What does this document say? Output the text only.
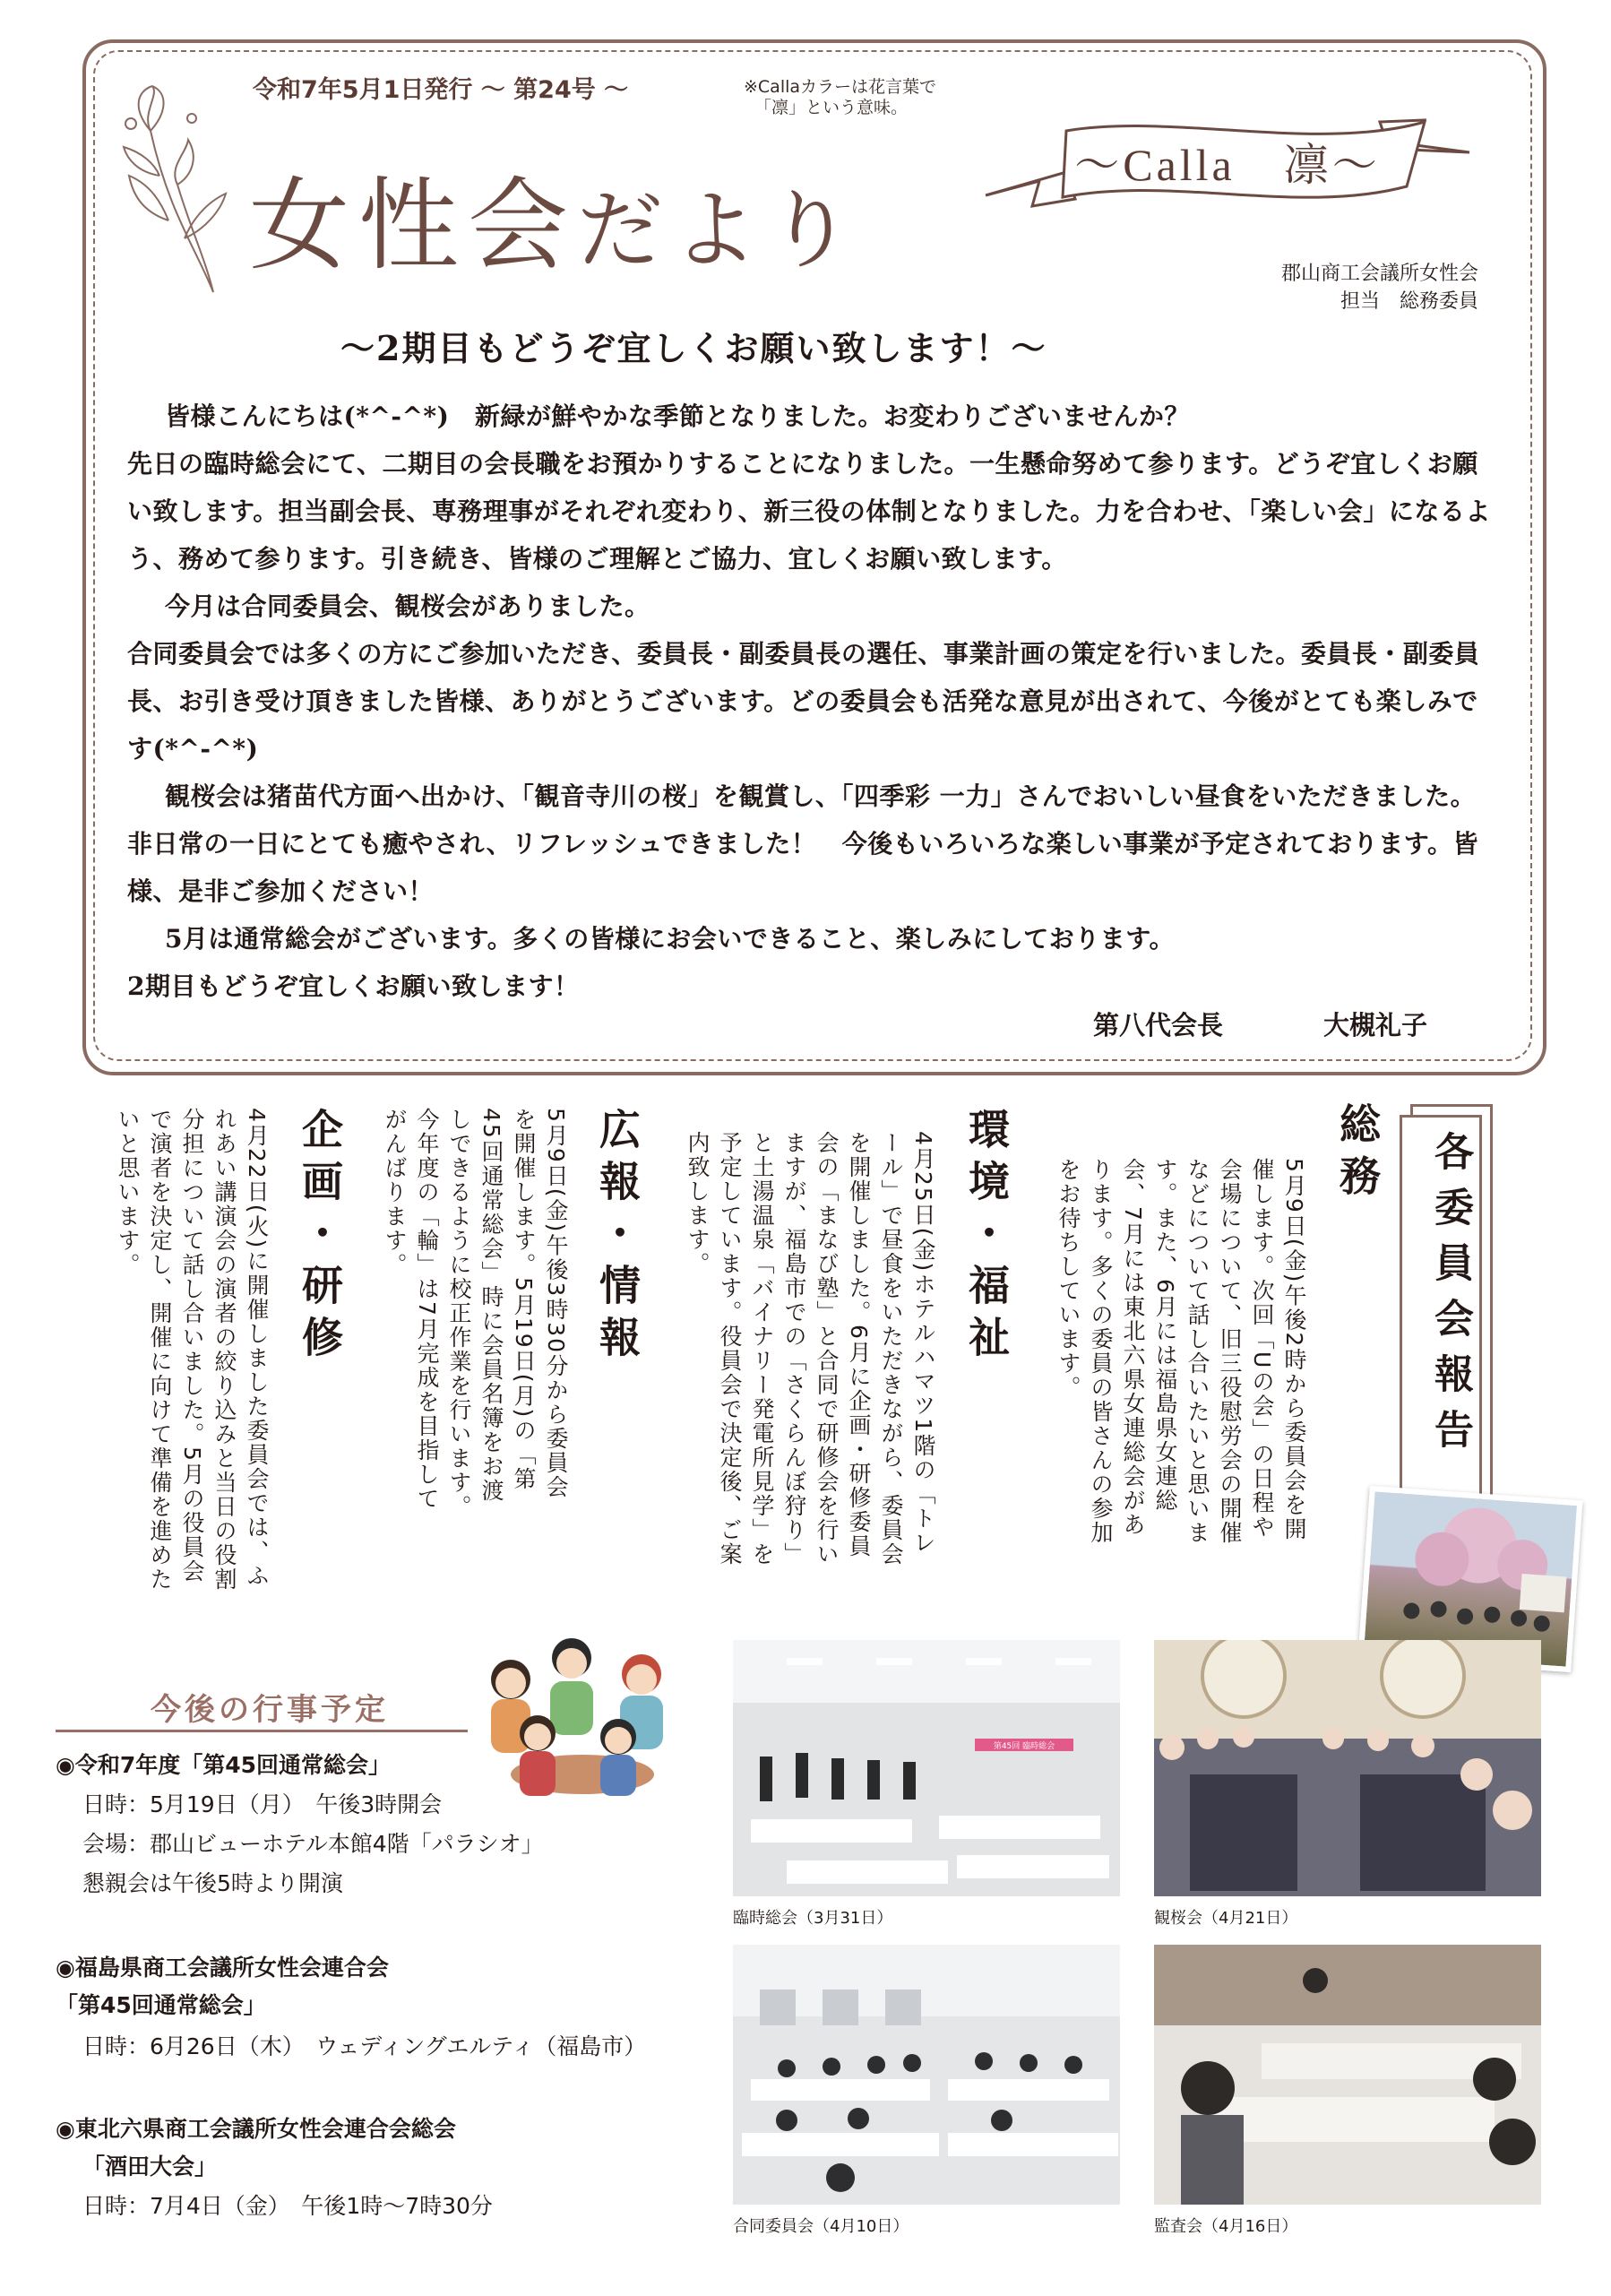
令和7年5月1日発行 〜 第24号 〜	※Callaカラーは花言葉で
「凛」という意味。
女性会だより
〜Calla　凛〜
郡山商工会議所女性会
担当　総務委員
〜2期目もどうぞ宜しくお願い致します！〜

皆様こんにちは(*^-^*)　新緑が鮮やかな季節となりました。お変わりございませんか？

先日の臨時総会にて、二期目の会長職をお預かりすることになりました。一生懸命努めて参ります。どうぞ宜しくお願い致します。担当副会長、専務理事がそれぞれ変わり、新三役の体制となりました。力を合わせ、「楽しい会」になるよう、務めて参ります。引き続き、皆様のご理解とご協力、宜しくお願い致します。

今月は合同委員会、観桜会がありました。

合同委員会では多くの方にご参加いただき、委員長・副委員長の選任、事業計画の策定を行いました。委員長・副委員長、お引き受け頂きました皆様、ありがとうございます。どの委員会も活発な意見が出されて、今後がとても楽しみです(*^-^*)

観桜会は猪苗代方面へ出かけ、「観音寺川の桜」を観賞し、「四季彩 一力」さんでおいしい昼食をいただきました。非日常の一日にとても癒やされ、リフレッシュできました！　今後もいろいろな楽しい事業が予定されております。皆様、是非ご参加ください！

5月は通常総会がございます。多くの皆様にお会いできること、楽しみにしております。

2期目もどうぞ宜しくお願い致します！

第八代会長	大槻礼子
各委員会報告
総務
5月9日(金)午後2時から委員会を開催します。次回「Uの会」の日程や会場について、旧三役慰労会の開催などについて話し合いたいと思います。また、6月には福島県女連総会、7月には東北六県女連総会があります。多くの委員の皆さんの参加をお待ちしています。
環境・福祉
4月25日(金)ホテルハマツ1階の「トレール」で昼食をいただきながら、委員会を開催しました。6月に企画・研修委員会の「まなび塾」と合同で研修会を行いますが、福島市での「さくらんぼ狩り」と土湯温泉「バイナリー発電所見学」を予定しています。役員会で決定後、ご案内致します。
広報・情報
5月9日(金)午後3時30分から委員会を開催します。5月19日(月)の「第45回通常総会」時に会員名簿をお渡しできるように校正作業を行います。今年度の「輪」は7月完成を目指してがんばります。
企画・研修
4月22日(火)に開催しました委員会では、ふれあい講演会の演者の絞り込みと当日の役割分担について話し合いました。5月の役員会で演者を決定し、開催に向けて準備を進めたいと思います。
今後の行事予定
◉令和7年度「第45回通常総会」
日時：5月19日（月）　午後3時開会
会場：郡山ビューホテル本館4階「パラシオ」
懇親会は午後5時より開演
◉福島県商工会議所女性会連合会
「第45回通常総会」
日時：6月26日（木）　ウェディングエルティ（福島市）
◉東北六県商工会議所女性会連合会総会
「酒田大会」
日時：7月4日（金）　午後1時〜7時30分
第45回 臨時総会
臨時総会（3月31日）	観桜会（4月21日）
合同委員会（4月10日）	監査会（4月16日）
